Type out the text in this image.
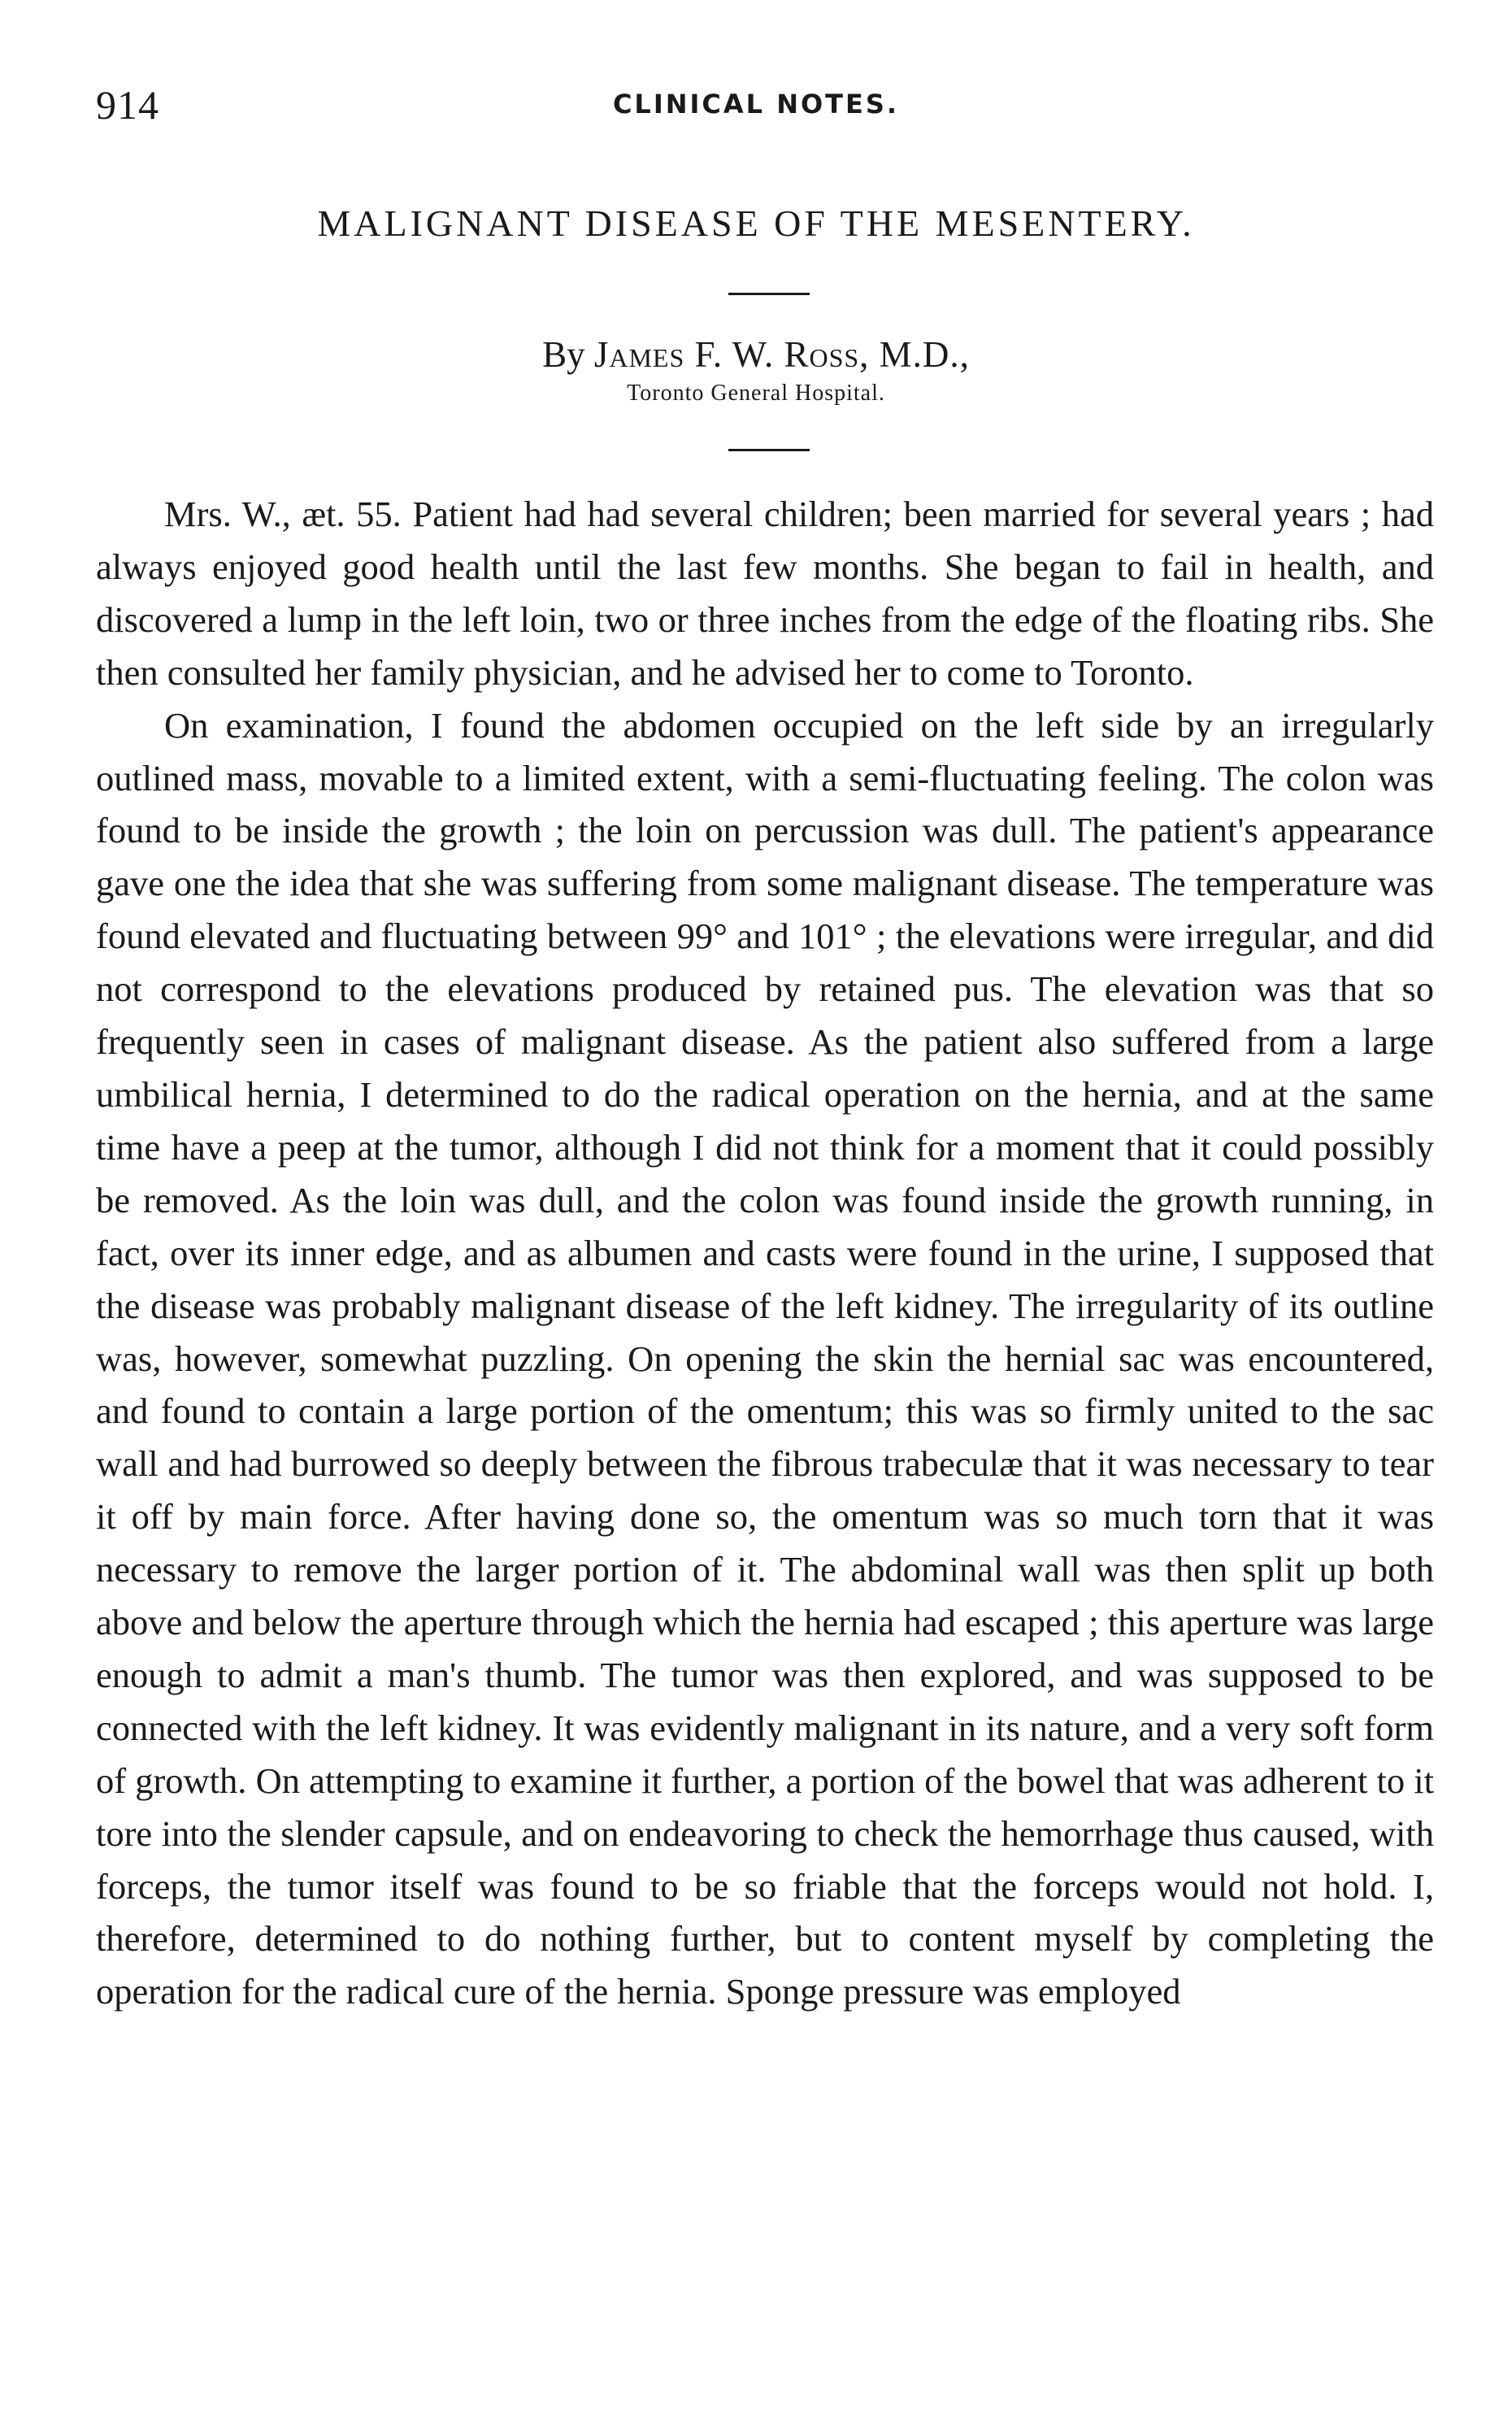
914	CLINICAL NOTES.
MALIGNANT DISEASE OF THE MESENTERY.
By James F. W. Ross, M.D.,
Toronto General Hospital.

Mrs. W., æt. 55. Patient had had several children; been married for several years ; had always enjoyed good health until the last few months. She began to fail in health, and discovered a lump in the left loin, two or three inches from the edge of the floating ribs. She then consulted her family physician, and he advised her to come to Toronto.

On examination, I found the abdomen occupied on the left side by an irregularly outlined mass, movable to a limited extent, with a semi-fluctuating feeling. The colon was found to be inside the growth ; the loin on percussion was dull. The patient's appearance gave one the idea that she was suffering from some malignant disease. The temperature was found elevated and fluctuating between 99° and 101° ; the elevations were irregular, and did not correspond to the elevations produced by retained pus. The elevation was that so frequently seen in cases of malignant disease. As the patient also suffered from a large umbilical hernia, I determined to do the radical operation on the hernia, and at the same time have a peep at the tumor, although I did not think for a moment that it could possibly be removed. As the loin was dull, and the colon was found inside the growth running, in fact, over its inner edge, and as albumen and casts were found in the urine, I supposed that the disease was probably malignant disease of the left kidney. The irregularity of its outline was, however, somewhat puzzling. On opening the skin the hernial sac was encountered, and found to contain a large portion of the omentum; this was so firmly united to the sac wall and had burrowed so deeply between the fibrous trabeculæ that it was necessary to tear it off by main force. After having done so, the omentum was so much torn that it was necessary to remove the larger portion of it. The abdominal wall was then split up both above and below the aperture through which the hernia had escaped ; this aperture was large enough to admit a man's thumb. The tumor was then explored, and was supposed to be connected with the left kidney. It was evidently malignant in its nature, and a very soft form of growth. On attempting to examine it further, a portion of the bowel that was adherent to it tore into the slender capsule, and on endeavoring to check the hemorrhage thus caused, with forceps, the tumor itself was found to be so friable that the forceps would not hold. I, therefore, determined to do nothing further, but to content myself by completing the operation for the radical cure of the hernia. Sponge pressure was employed
